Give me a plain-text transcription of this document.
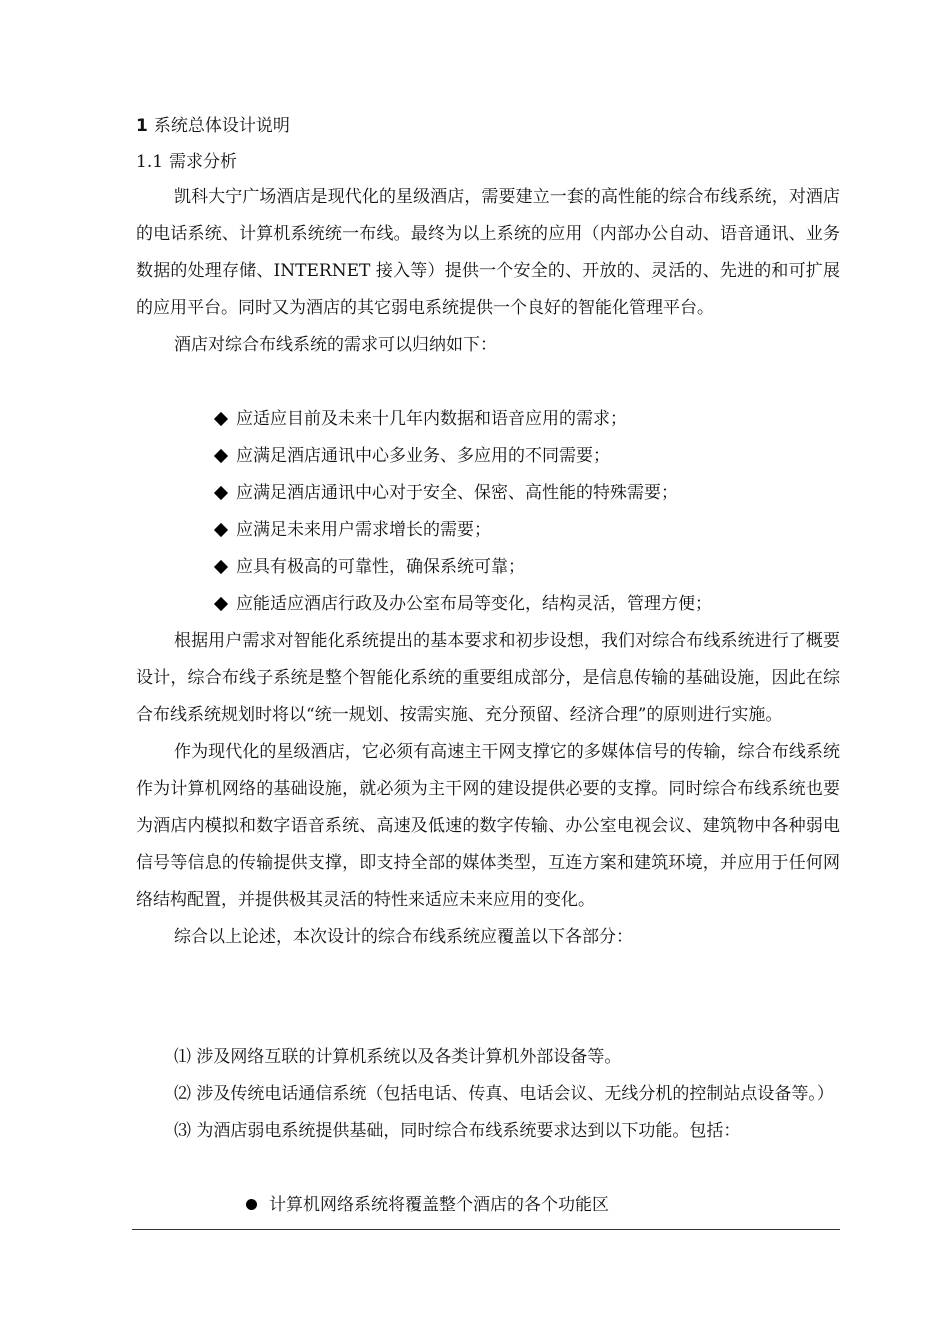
1 系统总体设计说明
1.1 需求分析

凯科大宁广场酒店是现代化的星级酒店，需要建立一套的高性能的综合布线系统，对酒店的电话系统、计算机系统统一布线。最终为以上系统的应用（内部办公自动、语音通讯、业务数据的处理存储、INTERNET 接入等）提供一个安全的、开放的、灵活的、先进的和可扩展的应用平台。同时又为酒店的其它弱电系统提供一个良好的智能化管理平台。

酒店对综合布线系统的需求可以归纳如下：

应适应目前及未来十几年内数据和语音应用的需求；
应满足酒店通讯中心多业务、多应用的不同需要；
应满足酒店通讯中心对于安全、保密、高性能的特殊需要；
应满足未来用户需求增长的需要；
应具有极高的可靠性，确保系统可靠；
应能适应酒店行政及办公室布局等变化，结构灵活，管理方便；

根据用户需求对智能化系统提出的基本要求和初步设想，我们对综合布线系统进行了概要设计，综合布线子系统是整个智能化系统的重要组成部分，是信息传输的基础设施，因此在综合布线系统规划时将以“统一规划、按需实施、充分预留、经济合理”的原则进行实施。

作为现代化的星级酒店，它必须有高速主干网支撑它的多媒体信号的传输，综合布线系统作为计算机网络的基础设施，就必须为主干网的建设提供必要的支撑。同时综合布线系统也要为酒店内模拟和数字语音系统、高速及低速的数字传输、办公室电视会议、建筑物中各种弱电信号等信息的传输提供支撑，即支持全部的媒体类型，互连方案和建筑环境，并应用于任何网络结构配置，并提供极其灵活的特性来适应未来应用的变化。

综合以上论述，本次设计的综合布线系统应覆盖以下各部分：

⑴ 涉及网络互联的计算机系统以及各类计算机外部设备等。
⑵ 涉及传统电话通信系统（包括电话、传真、电话会议、无线分机的控制站点设备等。）
⑶ 为酒店弱电系统提供基础，同时综合布线系统要求达到以下功能。包括：
计算机网络系统将覆盖整个酒店的各个功能区
